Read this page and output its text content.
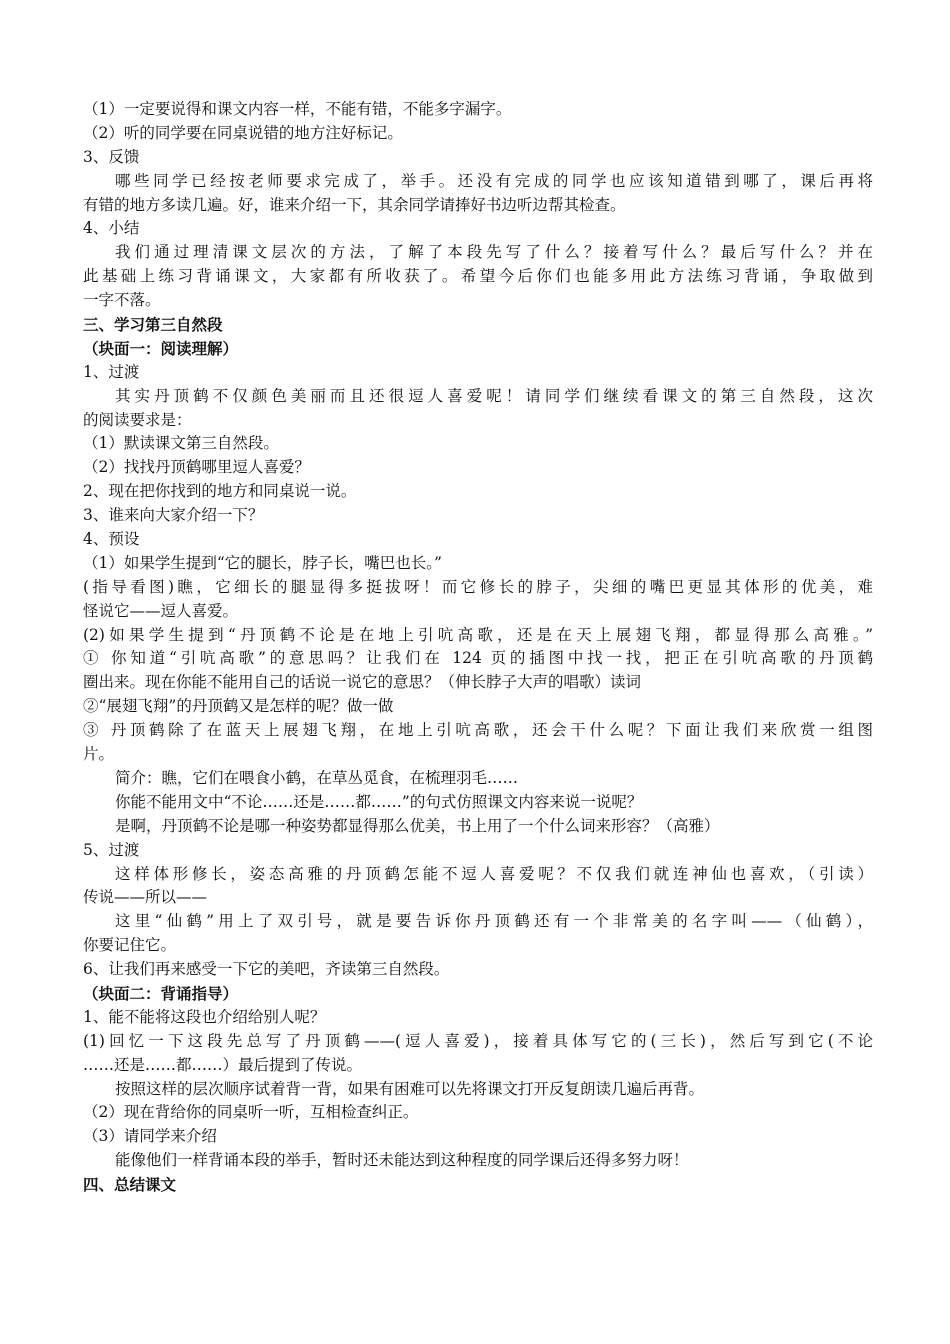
（1）一定要说得和课文内容一样，不能有错，不能多字漏字。
（2）听的同学要在同桌说错的地方注好标记。
3、反馈
哪些同学已经按老师要求完成了，举手。还没有完成的同学也应该知道错到哪了，课后再将
有错的地方多读几遍。好，谁来介绍一下，其余同学请捧好书边听边帮其检查。
4、小结
我们通过理清课文层次的方法，了解了本段先写了什么？接着写什么？最后写什么？并在
此基础上练习背诵课文，大家都有所收获了。希望今后你们也能多用此方法练习背诵，争取做到
一字不落。
三、学习第三自然段
（块面一：阅读理解）
1、过渡
其实丹顶鹤不仅颜色美丽而且还很逗人喜爱呢！请同学们继续看课文的第三自然段，这次
的阅读要求是：
（1）默读课文第三自然段。
（2）找找丹顶鹤哪里逗人喜爱？
2、现在把你找到的地方和同桌说一说。
3、谁来向大家介绍一下？
4、预设
（1）如果学生提到“它的腿长，脖子长，嘴巴也长。”
(指导看图)瞧，它细长的腿显得多挺拔呀！而它修长的脖子，尖细的嘴巴更显其体形的优美，难
怪说它——逗人喜爱。
(2)如果学生提到“丹顶鹤不论是在地上引吭高歌，还是在天上展翅飞翔，都显得那么高雅。”
① 你知道“引吭高歌”的意思吗？让我们在 124 页的插图中找一找，把正在引吭高歌的丹顶鹤
圈出来。现在你能不能用自己的话说一说它的意思？（伸长脖子大声的唱歌）读词
②“展翅飞翔”的丹顶鹤又是怎样的呢？做一做
③ 丹顶鹤除了在蓝天上展翅飞翔，在地上引吭高歌，还会干什么呢？下面让我们来欣赏一组图
片。
简介：瞧，它们在喂食小鹤，在草丛觅食，在梳理羽毛……
你能不能用文中“不论……还是……都……”的句式仿照课文内容来说一说呢？
是啊，丹顶鹤不论是哪一种姿势都显得那么优美，书上用了一个什么词来形容？（高雅）
5、过渡
这样体形修长，姿态高雅的丹顶鹤怎能不逗人喜爱呢？不仅我们就连神仙也喜欢，（引读）
传说——所以——
这里“仙鹤”用上了双引号，就是要告诉你丹顶鹤还有一个非常美的名字叫——（仙鹤），
你要记住它。
6、让我们再来感受一下它的美吧，齐读第三自然段。
（块面二：背诵指导）
1、能不能将这段也介绍给别人呢？
(1)回忆一下这段先总写了丹顶鹤——(逗人喜爱)，接着具体写它的(三长)，然后写到它(不论
……还是……都……）最后提到了传说。
按照这样的层次顺序试着背一背，如果有困难可以先将课文打开反复朗读几遍后再背。
（2）现在背给你的同桌听一听，互相检查纠正。
（3）请同学来介绍
能像他们一样背诵本段的举手，暂时还未能达到这种程度的同学课后还得多努力呀！
四、总结课文
